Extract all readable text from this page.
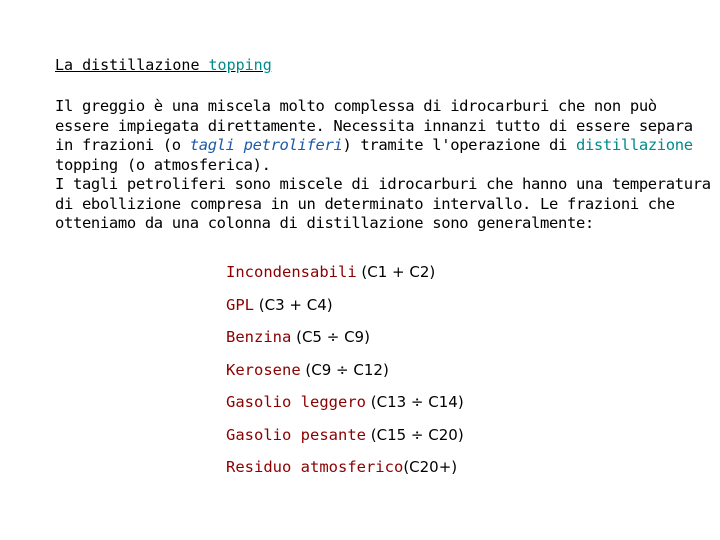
La distillazione topping

Il greggio è una miscela molto complessa di idrocarburi che non può

essere impiegata direttamente. Necessita innanzi tutto di essere separa

in frazioni (o tagli petroliferi) tramite l'operazione di distillazione

topping (o atmosferica).

I tagli petroliferi sono miscele di idrocarburi che hanno una temperatura

di ebollizione compresa in un determinato intervallo. Le frazioni che

otteniamo da una colonna di distillazione sono generalmente:

Incondensabili (C1 + C2)
GPL (C3 + C4)
Benzina (C5 ÷ C9)
Kerosene (C9 ÷ C12)
Gasolio leggero (C13 ÷ C14)
Gasolio pesante (C15 ÷ C20)
Residuo atmosferico(C20+)
